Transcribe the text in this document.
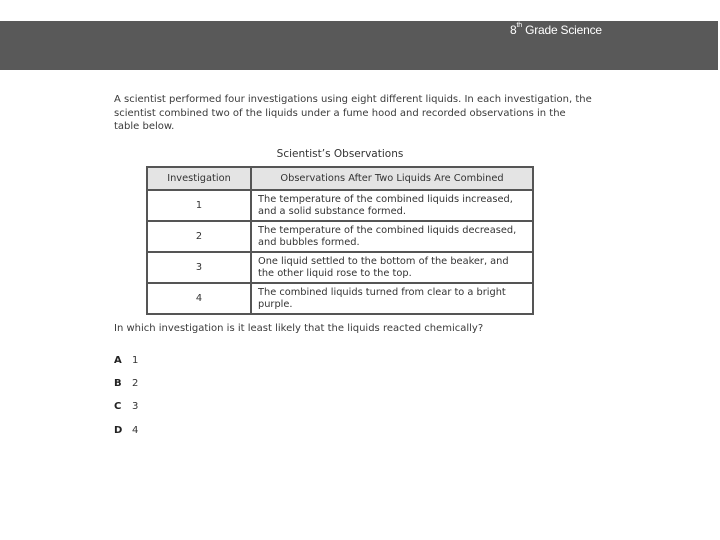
8th Grade Science
A scientist performed four investigations using eight different liquids. In each investigation, the scientist combined two of the liquids under a fume hood and recorded observations in the table below.
Scientist’s Observations
Investigation	Observations After Two Liquids Are Combined
1	The temperature of the combined liquids increased, and a solid substance formed.
2	The temperature of the combined liquids decreased, and bubbles formed.
3	One liquid settled to the bottom of the beaker, and the other liquid rose to the top.
4	The combined liquids turned from clear to a bright purple.
In which investigation is it least likely that the liquids reacted chemically?
A	1
B	2
C	3
D 4
